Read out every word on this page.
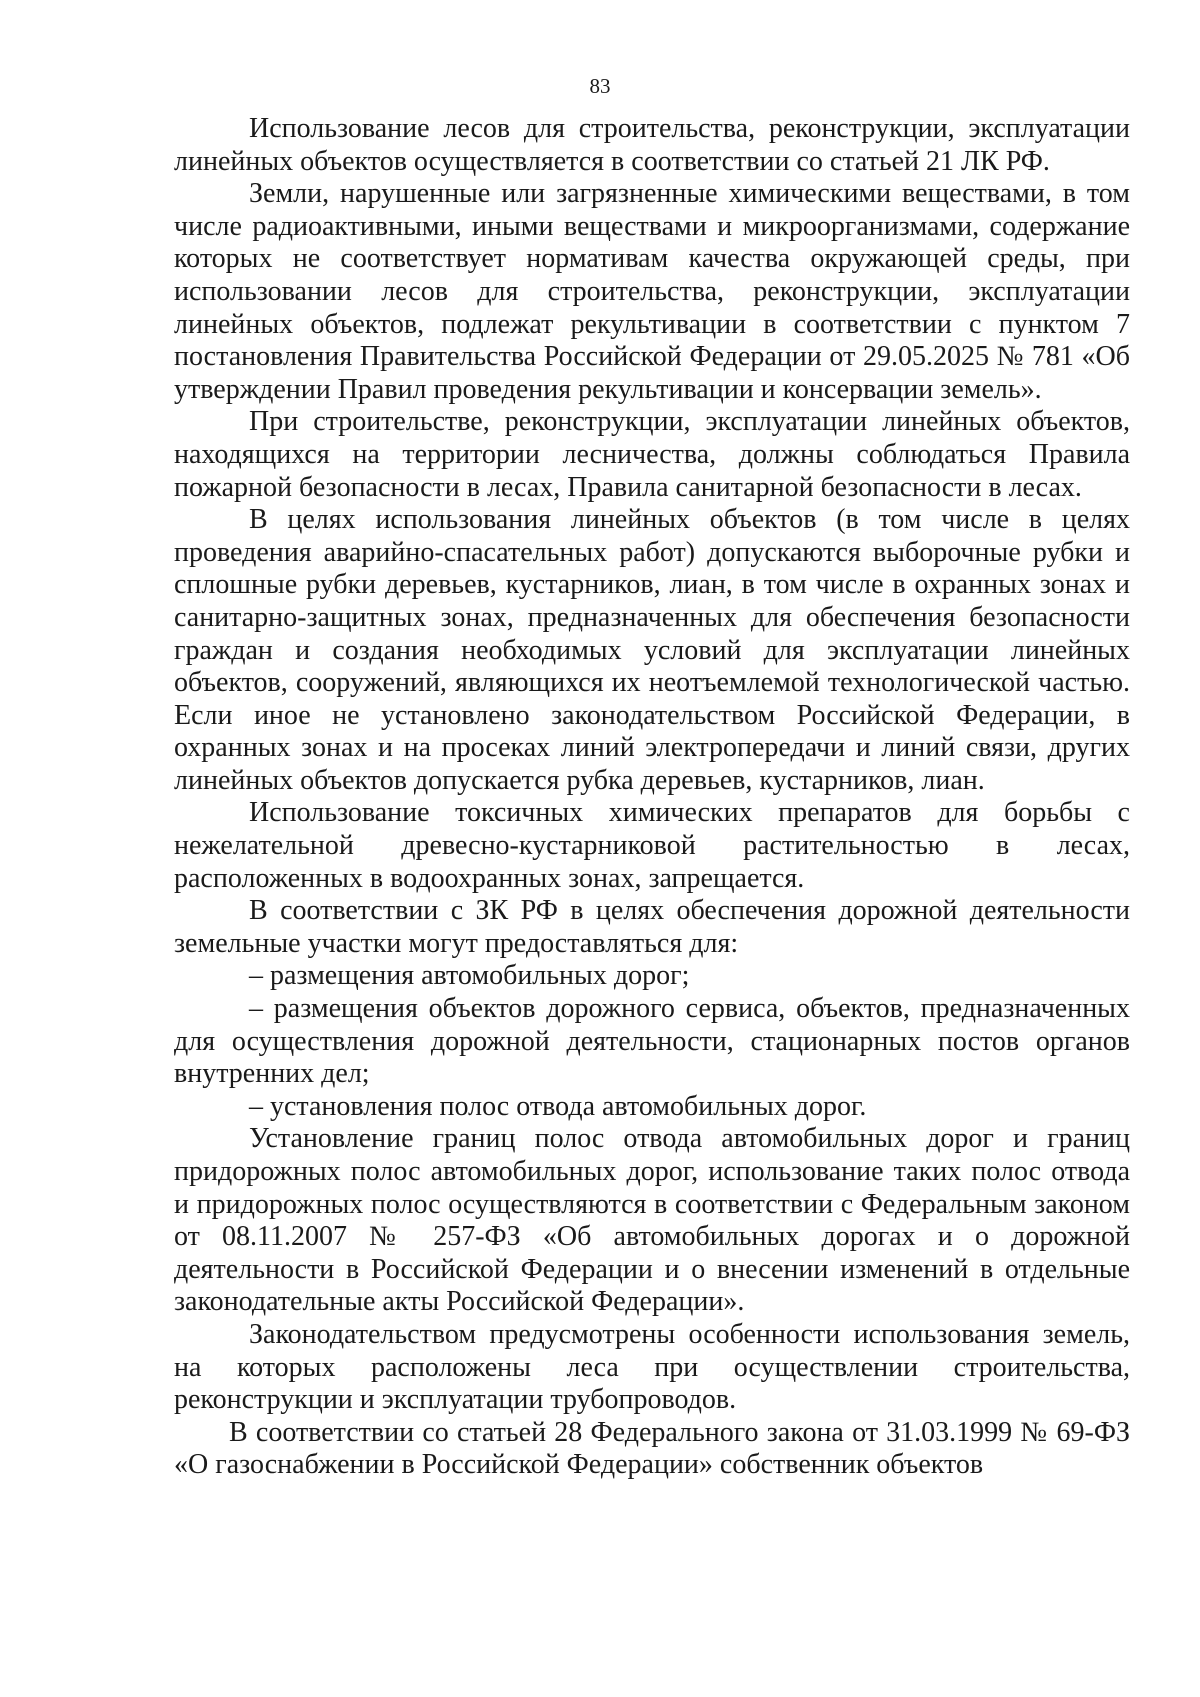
83

Использование лесов для строительства, реконструкции, эксплуатации линейных объектов осуществляется в соответствии со статьей 21 ЛК РФ.

Земли, нарушенные или загрязненные химическими веществами, в том числе радиоактивными, иными веществами и микроорганизмами, содержание которых не соответствует нормативам качества окружающей среды, при использовании лесов для строительства, реконструкции, эксплуатации линейных объектов, подлежат рекультивации в соответствии с пунктом 7 постановления Правительства Российской Федерации от 29.05.2025 № 781 «Об утверждении Правил проведения рекультивации и консервации земель».

При строительстве, реконструкции, эксплуатации линейных объектов, находящихся на территории лесничества, должны соблюдаться Правила пожарной безопасности в лесах, Правила санитарной безопасности в лесах.

В целях использования линейных объектов (в том числе в целях проведения аварийно-спасательных работ) допускаются выборочные рубки и сплошные рубки деревьев, кустарников, лиан, в том числе в охранных зонах и санитарно-защитных зонах, предназначенных для обеспечения безопасности граждан и создания необходимых условий для эксплуатации линейных объектов, сооружений, являющихся их неотъемлемой технологической частью. Если иное не установлено законодательством Российской Федерации, в охранных зонах и на просеках линий электропередачи и линий связи, других линейных объектов допускается рубка деревьев, кустарников, лиан.

Использование токсичных химических препаратов для борьбы с нежелательной древесно-кустарниковой растительностью в лесах, расположенных в водоохранных зонах, запрещается.

В соответствии с ЗК РФ в целях обеспечения дорожной деятельности земельные участки могут предоставляться для:

– размещения автомобильных дорог;

– размещения объектов дорожного сервиса, объектов, предназначенных для осуществления дорожной деятельности, стационарных постов органов внутренних дел;

– установления полос отвода автомобильных дорог.

Установление границ полос отвода автомобильных дорог и границ придорожных полос автомобильных дорог, использование таких полос отвода и придорожных полос осуществляются в соответствии с Федеральным законом от 08.11.2007 № 257-ФЗ «Об автомобильных дорогах и о дорожной деятельности в Российской Федерации и о внесении изменений в отдельные законодательные акты Российской Федерации».

Законодательством предусмотрены особенности использования земель, на которых расположены леса при осуществлении строительства, реконструкции и эксплуатации трубопроводов.

В соответствии со статьей 28 Федерального закона от 31.03.1999 № 69-ФЗ «О газоснабжении в Российской Федерации» собственник объектов
